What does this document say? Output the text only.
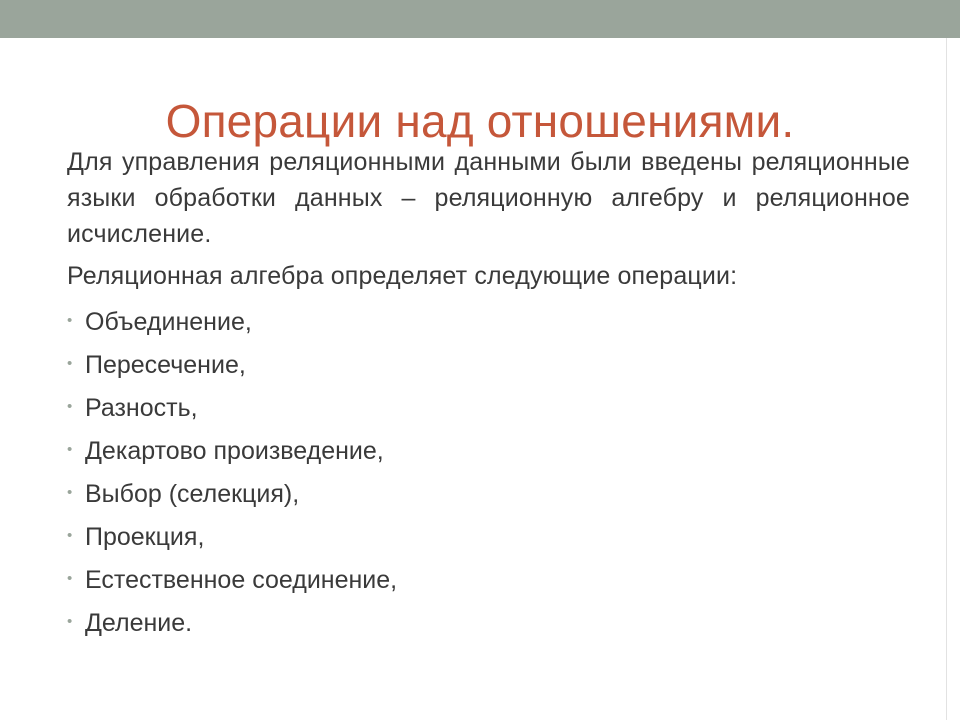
Операции над отношениями.

Для управления реляционными данными были введены реляционные языки обработки данных – реляционную алгебру и реляционное исчисление.

Реляционная алгебра определяет следующие операции:

• Объединение,
• Пересечение,
• Разность,
• Декартово произведение,
• Выбор (селекция),
• Проекция,
• Естественное соединение,
• Деление.
